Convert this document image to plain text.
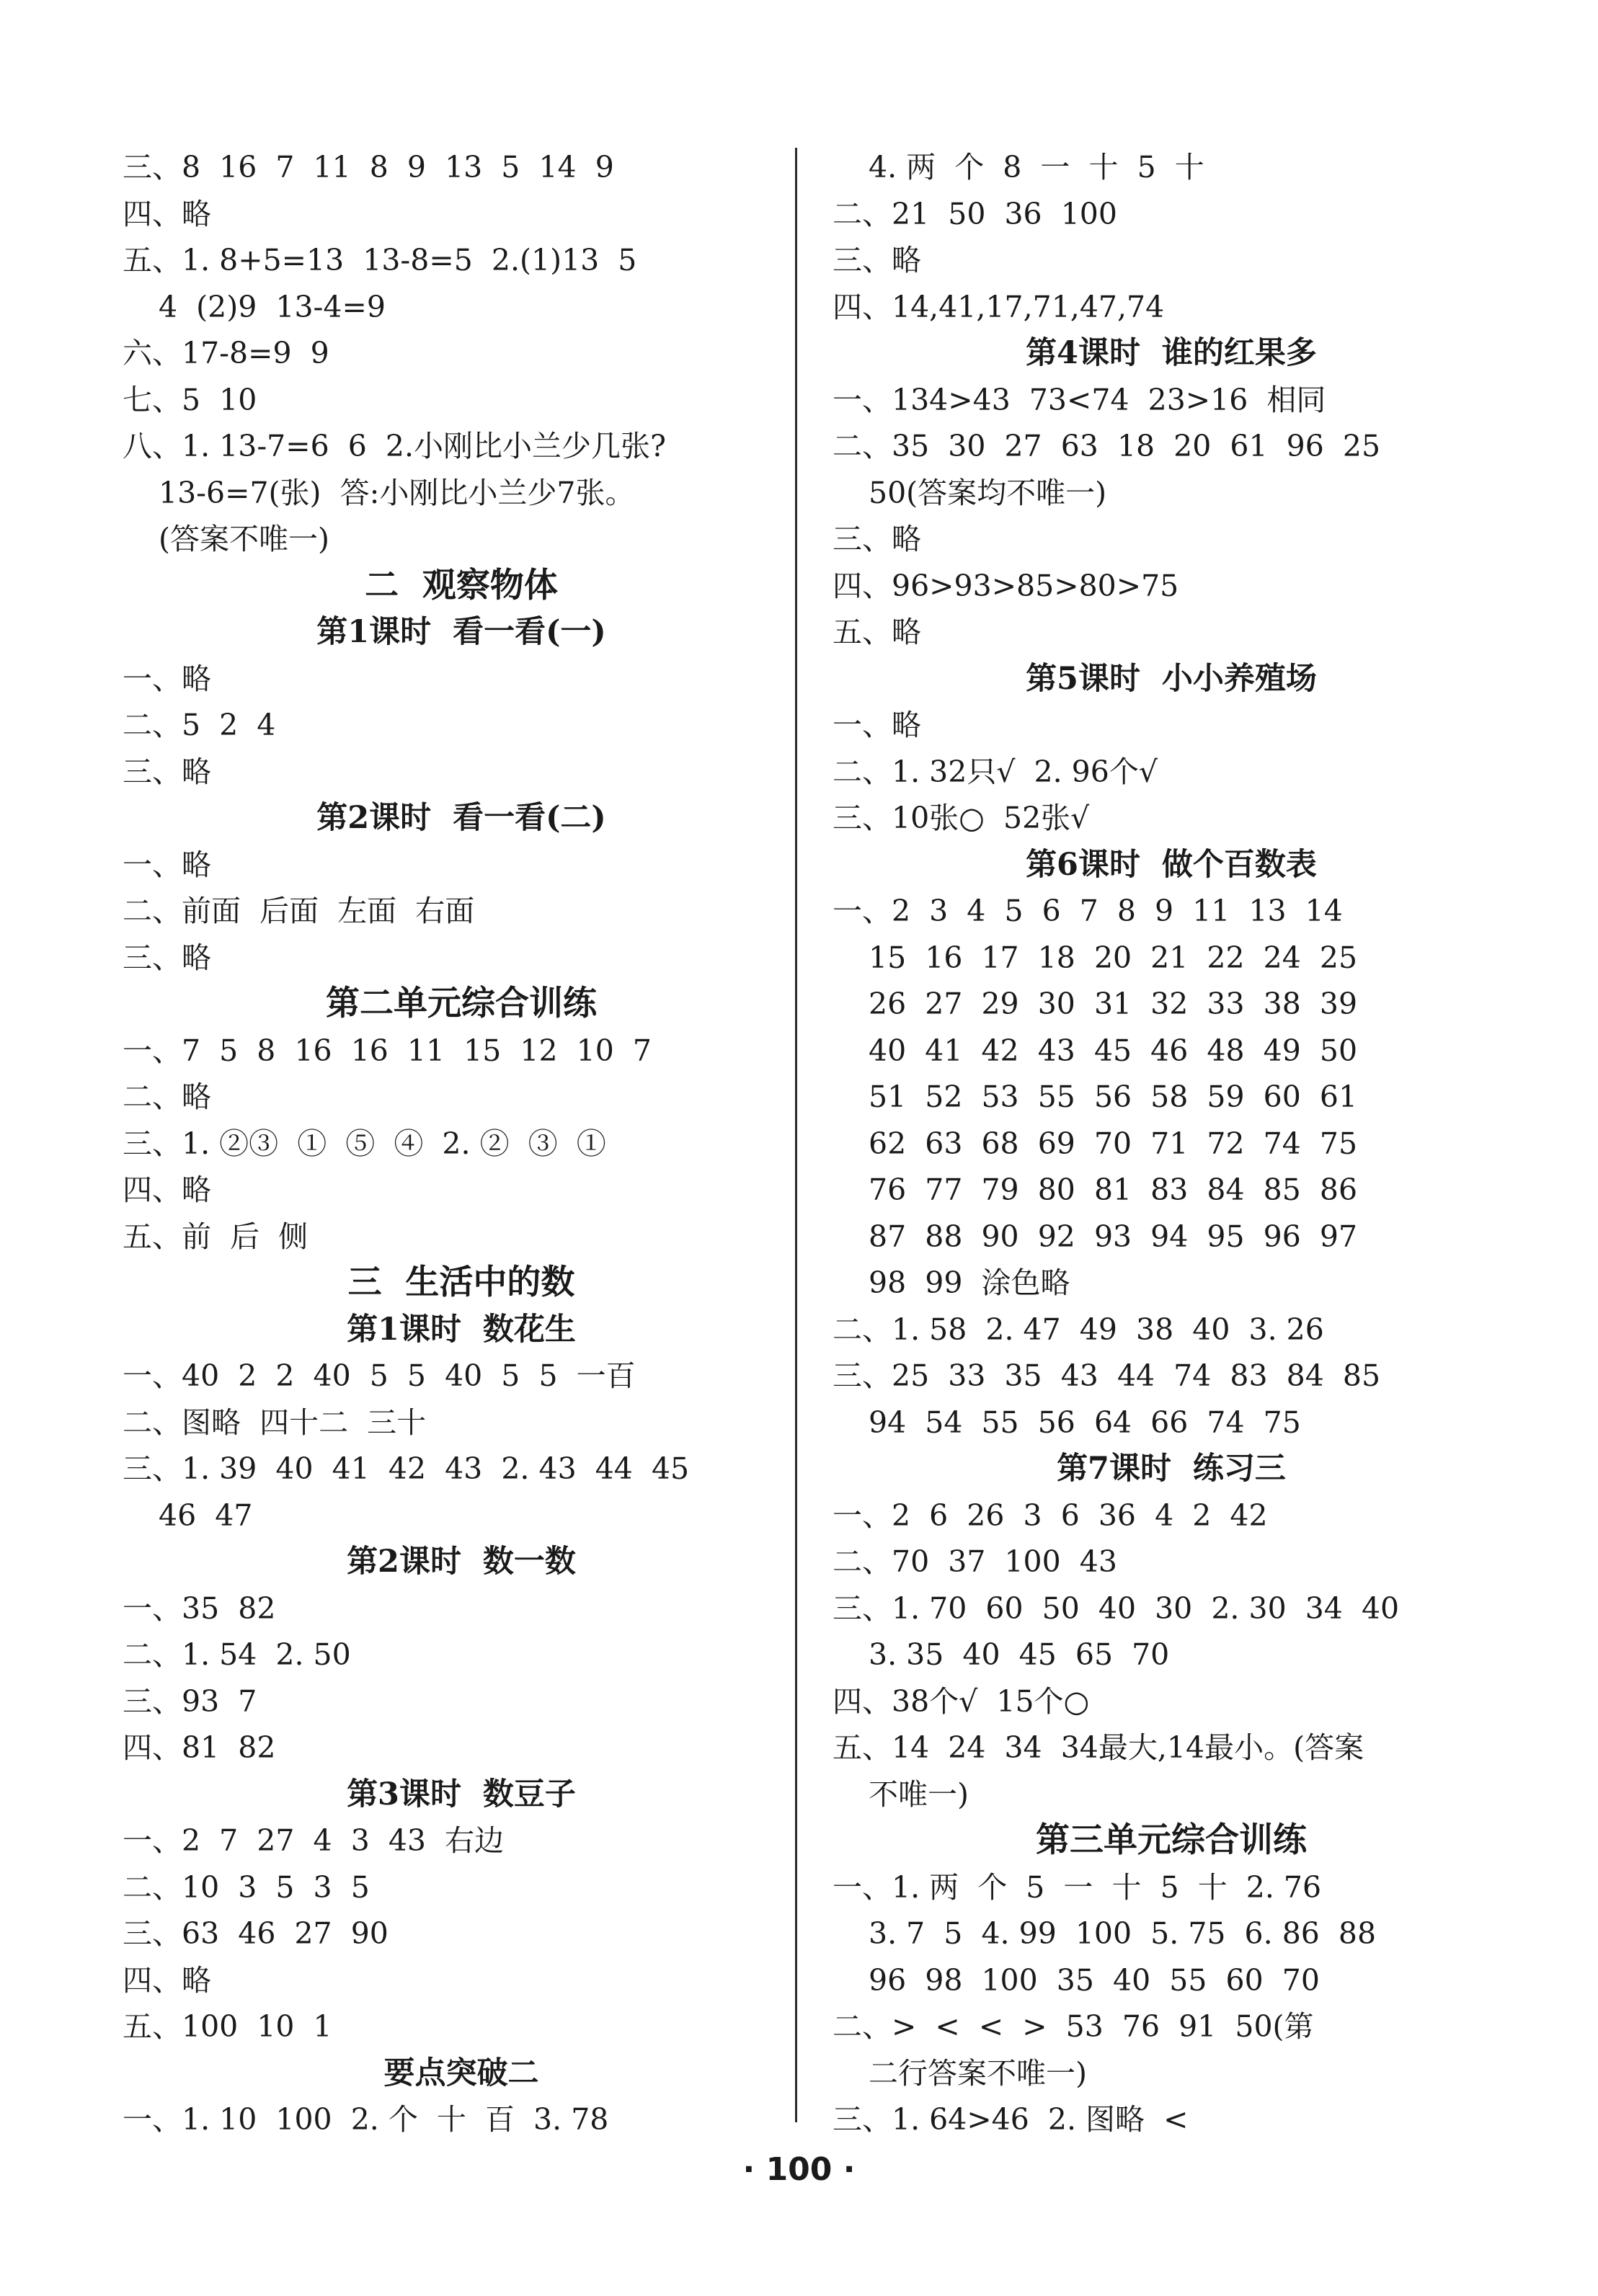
三、8  16  7  11  8  9  13  5  14  9
四、略
五、1. 8+5=13  13-8=5  2.(1)13  5
4  (2)9  13-4=9
六、17-8=9  9
七、5  10
八、1. 13-7=6  6  2.小刚比小兰少几张?
13-6=7(张)  答:小刚比小兰少7张。
(答案不唯一)
二  观察物体
第1课时  看一看(一)
一、略
二、5  2  4
三、略
第2课时  看一看(二)
一、略
二、前面  后面  左面  右面
三、略
第二单元综合训练
一、7  5  8  16  16  11  15  12  10  7
二、略
三、1. ②③  ①  ⑤  ④  2. ②  ③  ①
四、略
五、前  后  侧
三  生活中的数
第1课时  数花生
一、40  2  2  40  5  5  40  5  5  一百
二、图略  四十二  三十
三、1. 39  40  41  42  43  2. 43  44  45
46  47
第2课时  数一数
一、35  82
二、1. 54  2. 50
三、93  7
四、81  82
第3课时  数豆子
一、2  7  27  4  3  43  右边
二、10  3  5  3  5
三、63  46  27  90
四、略
五、100  10  1
要点突破二
一、1. 10  100  2. 个  十  百  3. 78
4. 两  个  8  一  十  5  十
二、21  50  36  100
三、略
四、14,41,17,71,47,74
第4课时  谁的红果多
一、134>43  73<74  23>16  相同
二、35  30  27  63  18  20  61  96  25
50(答案均不唯一)
三、略
四、96>93>85>80>75
五、略
第5课时  小小养殖场
一、略
二、1. 32只√  2. 96个√
三、10张○  52张√
第6课时  做个百数表
一、2  3  4  5  6  7  8  9  11  13  14
15  16  17  18  20  21  22  24  25
26  27  29  30  31  32  33  38  39
40  41  42  43  45  46  48  49  50
51  52  53  55  56  58  59  60  61
62  63  68  69  70  71  72  74  75
76  77  79  80  81  83  84  85  86
87  88  90  92  93  94  95  96  97
98  99  涂色略
二、1. 58  2. 47  49  38  40  3. 26
三、25  33  35  43  44  74  83  84  85
94  54  55  56  64  66  74  75
第7课时  练习三
一、2  6  26  3  6  36  4  2  42
二、70  37  100  43
三、1. 70  60  50  40  30  2. 30  34  40
3. 35  40  45  65  70
四、38个√  15个○
五、14  24  34  34最大,14最小。(答案
不唯一)
第三单元综合训练
一、1. 两  个  5  一  十  5  十  2. 76
3. 7  5  4. 99  100  5. 75  6. 86  88
96  98  100  35  40  55  60  70
二、>  <  <  >  53  76  91  50(第
二行答案不唯一)
三、1. 64>46  2. 图略  <
· 100 ·
